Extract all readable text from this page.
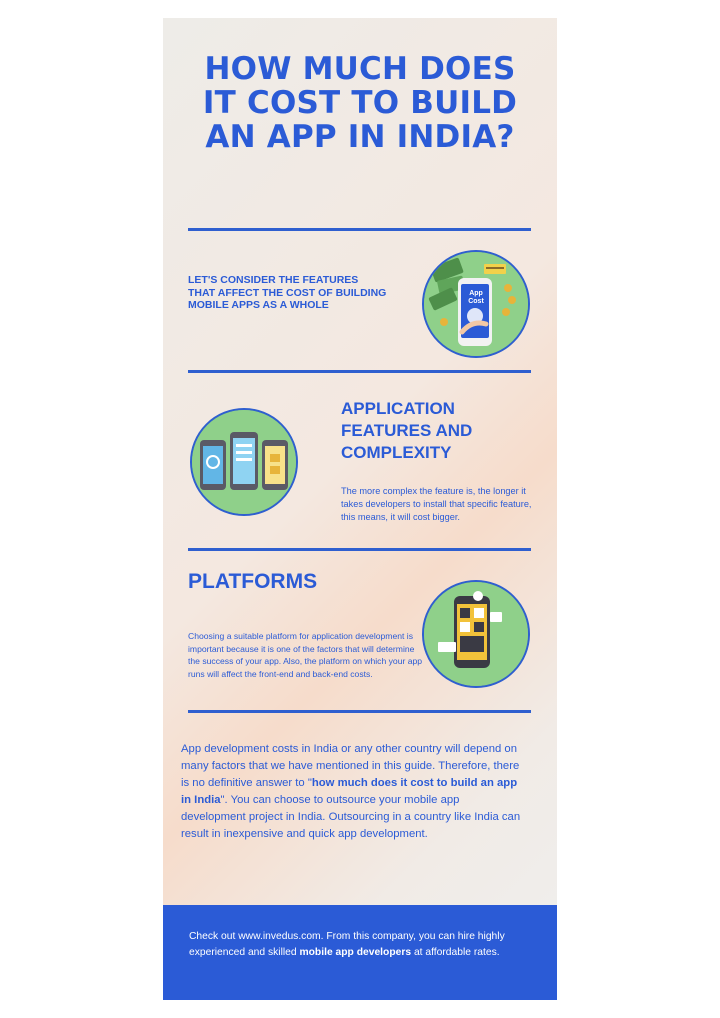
HOW MUCH DOES
IT COST TO BUILD
AN APP IN INDIA?
LET'S CONSIDER THE FEATURES THAT AFFECT THE COST OF BUILDING MOBILE APPS AS A WHOLE
App
Cost
APPLICATION
FEATURES AND
COMPLEXITY
The more complex the feature is, the longer it takes developers to install that specific feature, this means, it will cost bigger.
PLATFORMS
Choosing a suitable platform for application development is important because it is one of the factors that will determine the success of your app. Also, the platform on which your app runs will affect the front-end and back-end costs.
App development costs in India or any other country will depend on many factors that we have mentioned in this guide. Therefore, there is no definitive answer to "how much does it cost to build an app in India". You can choose to outsource your mobile app development project in India. Outsourcing in a country like India can result in inexpensive and quick app development.
Check out www.invedus.com. From this company, you can hire highly experienced and skilled mobile app developers at affordable rates.
